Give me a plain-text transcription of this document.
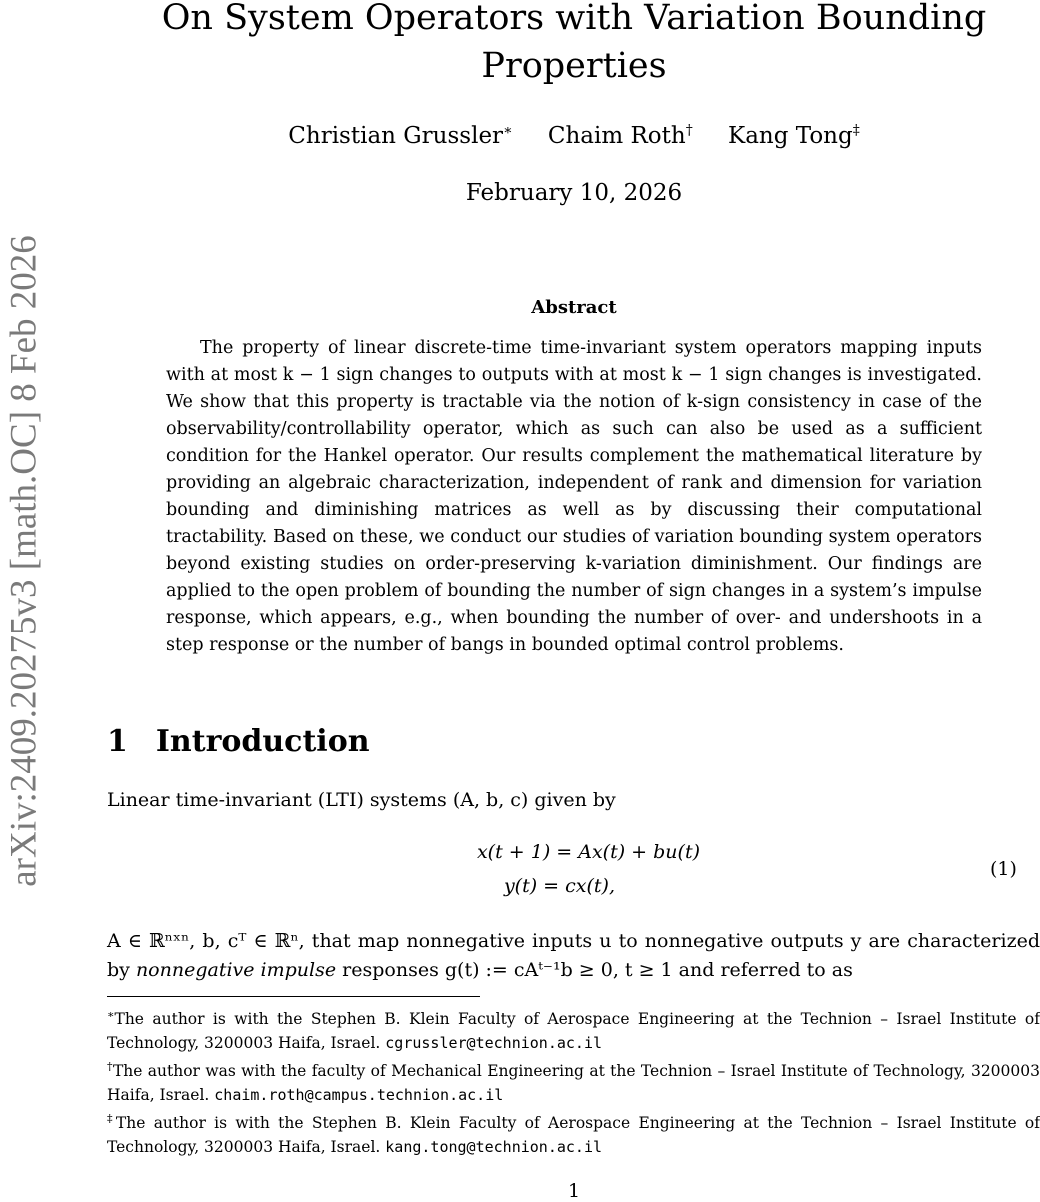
arXiv:2409.20275v3 [math.OC] 8 Feb 2026
On System Operators with Variation Bounding
Properties
Christian Grussler∗ Chaim Roth† Kang Tong‡
February 10, 2026
Abstract

The property of linear discrete-time time-invariant system operators mapping inputs with at most k − 1 sign changes to outputs with at most k − 1 sign changes is investigated. We show that this property is tractable via the notion of k-sign consistency in case of the observability/controllability operator, which as such can also be used as a sufficient condition for the Hankel operator. Our results complement the mathematical literature by providing an algebraic characterization, independent of rank and dimension for variation bounding and diminishing matrices as well as by discussing their computational tractability. Based on these, we conduct our studies of variation bounding system operators beyond existing studies on order-preserving k-variation diminishment. Our findings are applied to the open problem of bounding the number of sign changes in a system’s impulse response, which appears, e.g., when bounding the number of over- and undershoots in a step response or the number of bangs in bounded optimal control problems.

1 Introduction
Linear time-invariant (LTI) systems (A, b, c) given by
x(t + 1) = Ax(t) + bu(t)
y(t) = cx(t),
(1)

A ∈ ℝⁿˣⁿ, b, cᵀ ∈ ℝⁿ, that map nonnegative inputs u to nonnegative outputs y are characterized by nonnegative impulse responses g(t) := cAᵗ⁻¹b ≥ 0, t ≥ 1 and referred to as

∗The author is with the Stephen B. Klein Faculty of Aerospace Engineering at the Technion – Israel Institute of Technology, 3200003 Haifa, Israel. cgrussler@technion.ac.il

†The author was with the faculty of Mechanical Engineering at the Technion – Israel Institute of Technology, 3200003 Haifa, Israel. chaim.roth@campus.technion.ac.il

‡The author is with the Stephen B. Klein Faculty of Aerospace Engineering at the Technion – Israel Institute of Technology, 3200003 Haifa, Israel. kang.tong@technion.ac.il

1
